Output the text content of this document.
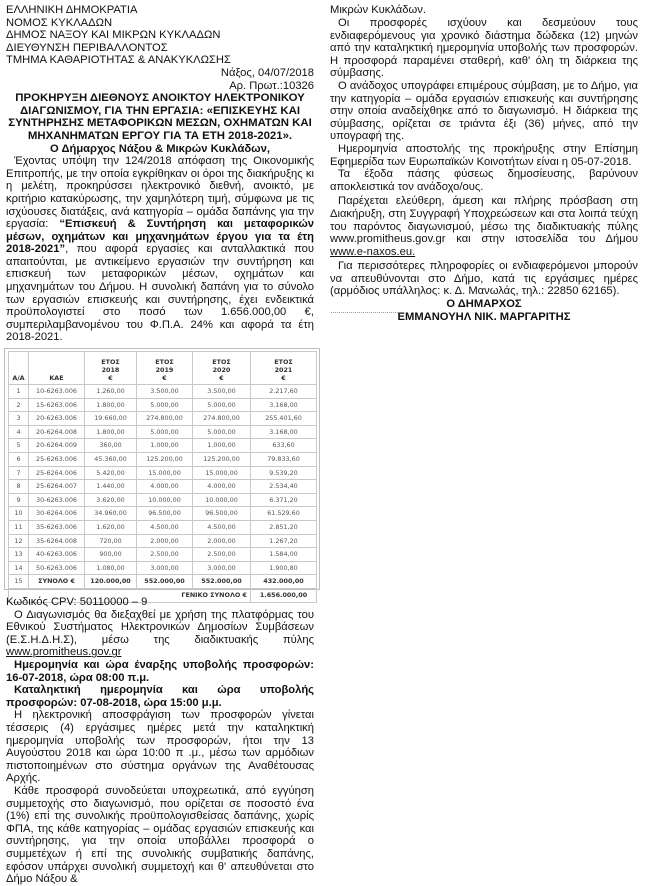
ΕΛΛΗΝΙΚΗ ΔΗΜΟΚΡΑΤΙΑ

ΝΟΜΟΣ ΚΥΚΛΑΔΩΝ

ΔΗΜΟΣ ΝΑΞΟΥ ΚΑΙ ΜΙΚΡΩΝ ΚΥΚΛΑΔΩΝ

ΔΙΕΥΘΥΝΣΗ ΠΕΡΙΒΑΛΛΟΝΤΟΣ

ΤΜΗΜΑ ΚΑΘΑΡΙΟΤΗΤΑΣ & ΑΝΑΚΥΚΛΩΣΗΣ

Νάξος, 04/07/2018

Αρ. Πρωτ.:10326

ΠΡΟΚΗΡΥΞΗ ΔΙΕΘΝΟΥΣ ΑΝΟΙΚΤΟΥ ΗΛΕΚΤΡΟΝΙΚΟΥ ΔΙΑΓΩΝΙΣΜΟΥ, ΓΙΑ ΤΗΝ ΕΡΓΑΣΙΑ: «ΕΠΙΣΚΕΥΗΣ ΚΑΙ ΣΥΝΤΗΡΗΣΗΣ ΜΕΤΑΦΟΡΙΚΩΝ ΜΕΣΩΝ, ΟΧΗΜΑΤΩΝ ΚΑΙ ΜΗΧΑΝΗΜΑΤΩΝ ΕΡΓΟΥ ΓΙΑ ΤΑ ΕΤΗ 2018-2021».

Ο Δήμαρχος Νάξου & Μικρών Κυκλάδων,

Έχοντας υπόψη την 124/2018 απόφαση της Οικονομικής Επιτροπής, με την οποία εγκρίθηκαν οι όροι της διακήρυξης κι η μελέτη, προκηρύσσει ηλεκτρονικό διεθνή, ανοικτό, με κριτήριο κατακύρωσης, την χαμηλότερη τιμή, σύμφωνα με τις ισχύουσες διατάξεις, ανά κατηγορία – ομάδα δαπάνης για την εργασία: “Επισκευή & Συντήρηση και μεταφορικών μέσων, οχημάτων και μηχανημάτων έργου για τα έτη 2018-2021”, που αφορά εργασίες και ανταλλακτικά που απαιτούνται, με αντικείμενο εργασιών την συντήρηση και επισκευή των μεταφορικών μέσων, οχημάτων και μηχανημάτων του Δήμου. Η συνολική δαπάνη για το σύνολο των εργασιών επισκευής και συντήρησης, έχει ενδεικτικά προϋπολογιστεί στο ποσό των 1.656.000,00 €, συμπεριλαμβανομένου του Φ.Π.Α. 24% και αφορά τα έτη 2018-2021.

Α/Α	ΚΑΕ	
ΕΤΟΣ
2018
€

ΕΤΟΣ
2019
€

ΕΤΟΣ
2020
€

ΕΤΟΣ
2021
€

1	10-6263.006	1.260,00	3.500,00	3.500,00	2.217,60
2	15-6263.006	1.800,00	5.000,00	5.000,00	3.168,00
3	20-6263.006	19.660,00	274.800,00	274.800,00	255.401,60
4	20-6264.008	1.800,00	5.000,00	5.000,00	3.168,00
5	20-6264.009	360,00	1.000,00	1.000,00	633,60
6	25-6263.006	45.360,00	125.200,00	125.200,00	79.833,60
7	25-6264.006	5.420,00	15.000,00	15.000,00	9.539,20
8	25-6264.007	1.440,00	4.000,00	4.000,00	2.534,40
9	30-6263.006	3.620,00	10.000,00	10.000,00	6.371,20
10	30-6264.006	34.960,00	96.500,00	96.500,00	61.529,60
11	35-6263.006	1.620,00	4.500,00	4.500,00	2.851,20
12	35-6264.008	720,00	2.000,00	2.000,00	1.267,20
13	40-6263.006	900,00	2.500,00	2.500,00	1.584,00
14	50-6263.006	1.080,00	3.000,00	3.000,00	1.900,80
15	ΣΥΝΟΛΟ €	120.000,00	552.000,00	552.000,00	432.000,00
ΓΕΝΙΚΟ ΣΥΝΟΛΟ €					1.656.000,00

Κωδικός CPV: 50110000 – 9

Ο Διαγωνισμός θα διεξαχθεί με χρήση της πλατφόρμας του Εθνικού Συστήματος Ηλεκτρονικών Δημοσίων Συμβάσεων (Ε.Σ.Η.Δ.Η.Σ), μέσω της διαδικτυακής πύλης www.promitheus.gov.gr

Ημερομηνία και ώρα έναρξης υποβολής προσφορών: 16-07-2018, ώρα 08:00 π.μ.

Καταληκτική ημερομηνία και ώρα υποβολής προσφορών: 07-08-2018, ώρα 15:00 μ.μ.

Η ηλεκτρονική αποσφράγιση των προσφορών γίνεται τέσσερις (4) εργάσιμες ημέρες μετά την καταληκτική ημερομηνία υποβολής των προσφορών, ήτοι την 13 Αυγούστου 2018 και ώρα 10:00 π .μ., μέσω των αρμόδιων πιστοποιημένων στο σύστημα οργάνων της Αναθέτουσας Αρχής.

Κάθε προσφορά συνοδεύεται υποχρεωτικά, από εγγύηση συμμετοχής στο διαγωνισμό, που ορίζεται σε ποσοστό ένα (1%) επί της συνολικής προϋπολογισθείσας δαπάνης, χωρίς ΦΠΑ, της κάθε κατηγορίας – ομάδας εργασιών επισκευής και συντήρησης, για την οποία υποβάλλει προσφορά ο συμμετέχων ή επί της συνολικής συμβατικής δαπάνης, εφόσον υπάρχει συνολική συμμετοχή και θ' απευθύνεται στο Δήμο Νάξου &

Οι προσφορές ισχύουν και δεσμεύουν τους ενδιαφερόμενους για χρονικό διάστημα δώδεκα (12) μηνών από την καταληκτική ημερομηνία υποβολής των προσφορών. Η προσφορά παραμένει σταθερή, καθ' όλη τη διάρκεια της σύμβασης.

Ο ανάδοχος υπογράφει επιμέρους σύμβαση, με το Δήμο, για την κατηγορία – ομάδα εργασιών επισκευής και συντήρησης στην οποία αναδείχθηκε από το διαγωνισμό. Η διάρκεια της σύμβασης, ορίζεται σε τριάντα έξι (36) μήνες, από την υπογραφή της.

Ημερομηνία αποστολής της προκήρυξης στην Επίσημη Εφημερίδα των Ευρωπαϊκών Κοινοτήτων είναι η 05-07-2018.

Τα έξοδα πάσης φύσεως δημοσίευσης, βαρύνουν αποκλειστικά τον ανάδοχο/ους.

Παρέχεται ελεύθερη, άμεση και πλήρης πρόσβαση στη Διακήρυξη, στη Συγγραφή Υποχρεώσεων και στα λοιπά τεύχη του παρόντος διαγωνισμού, μέσω της διαδικτυακής πύλης www.promitheus.gov.gr και στην ιστοσελίδα του Δήμου www.e-naxos.eu.

Για περισσότερες πληροφορίες οι ενδιαφερόμενοι μπορούν να απευθύνονται στο Δήμο, κατά τις εργάσιμες ημέρες (αρμόδιος υπάλληλος: κ. Δ. Μανωλάς, τηλ.: 22850 62165).

Ο ΔΗΜΑΡΧΟΣ

ΕΜΜΑΝΟΥΗΛ ΝΙΚ. ΜΑΡΓΑΡΙΤΗΣ

Μικρών Κυκλάδων.
